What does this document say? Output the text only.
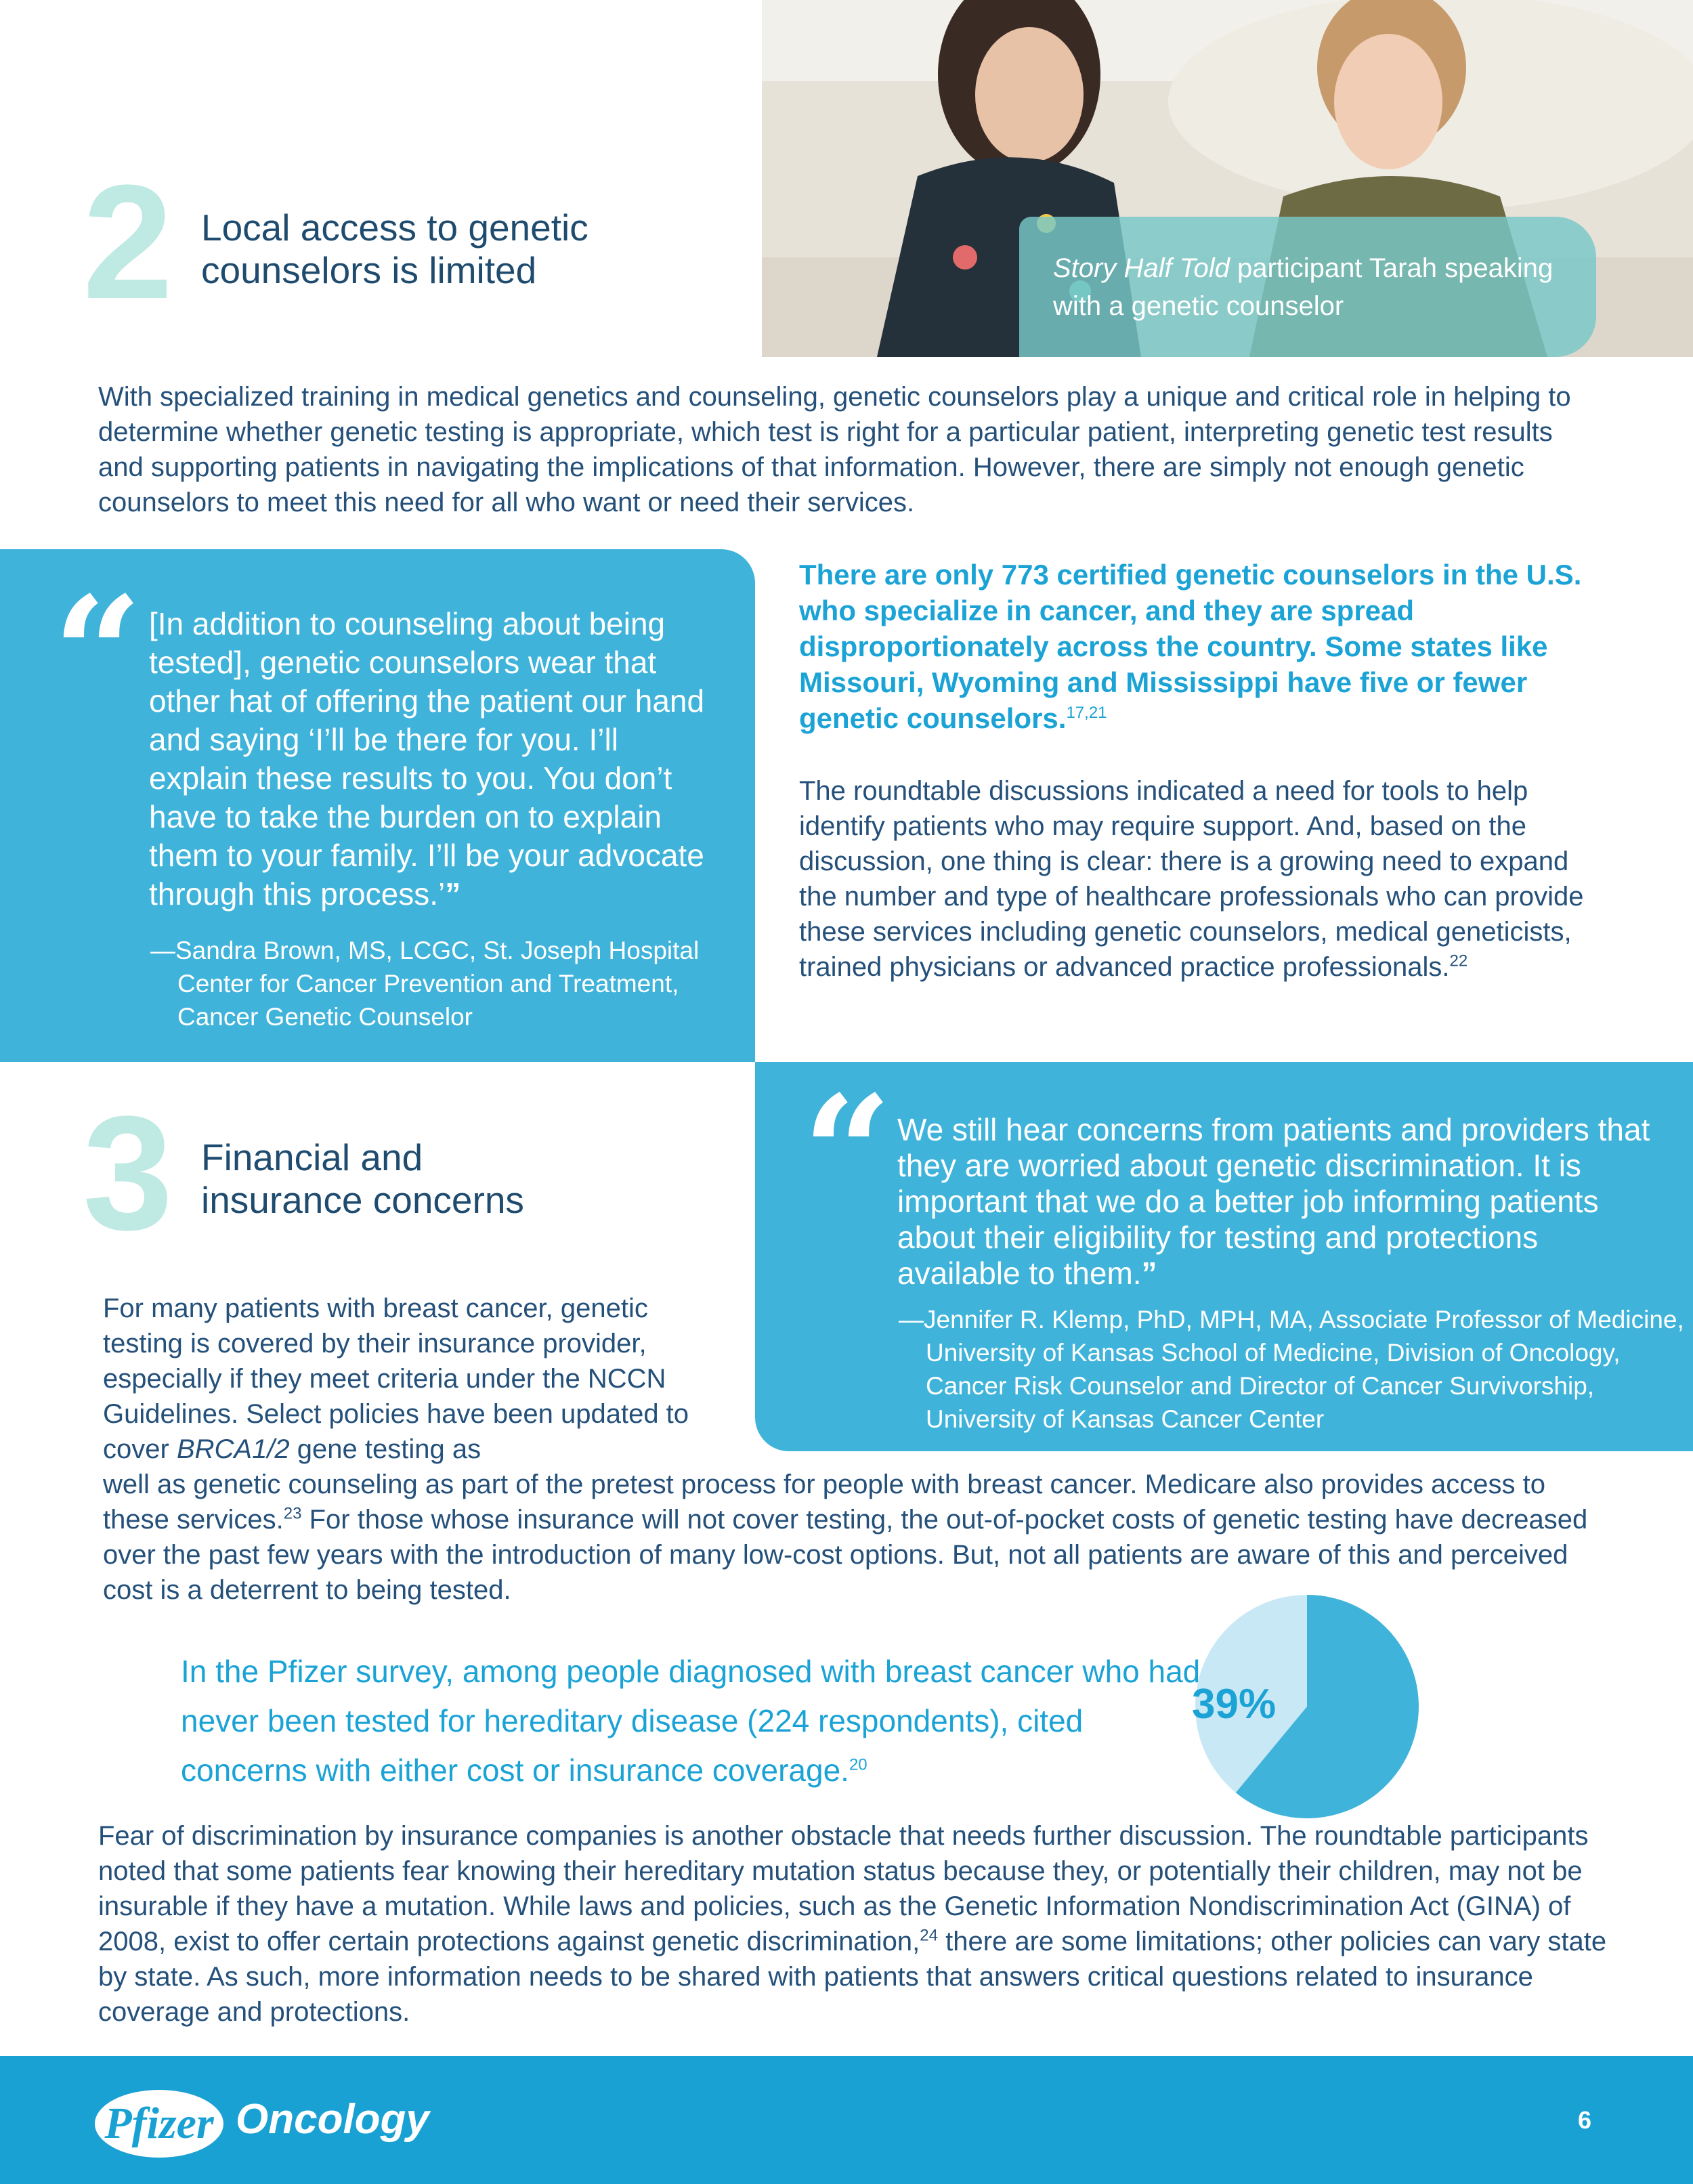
Story Half Told participant Tarah speaking with a genetic counselor
2 Local access to genetic
counselors is limited
With specialized training in medical genetics and counseling, genetic counselors play a unique and critical role in helping to determine whether genetic testing is appropriate, which test is right for a particular patient, interpreting genetic test results and supporting patients in navigating the implications of that information. However, there are simply not enough genetic counselors to meet this need for all who want or need their services.
“ [In addition to counseling about being tested], genetic counselors wear that other hat of offering the patient our hand and saying ‘I’ll be there for you. I’ll explain these results to you. You don’t have to take the burden on to explain them to your family. I’ll be your advocate through this process.’”
—Sandra Brown, MS, LCGC, St. Joseph Hospital Center for Cancer Prevention and Treatment, Cancer Genetic Counselor
There are only 773 certified genetic counselors in the U.S. who specialize in cancer, and they are spread disproportionately across the country. Some states like Missouri, Wyoming and Mississippi have five or fewer genetic counselors.$^{17,21}$
The roundtable discussions indicated a need for tools to help identify patients who may require support. And, based on the discussion, one thing is clear: there is a growing need to expand the number and type of healthcare professionals who can provide these services including genetic counselors, medical geneticists, trained physicians or advanced practice professionals.$^{22}$
3 Financial and
insurance concerns	“ We still hear concerns from patients and providers that they are worried about genetic discrimination. It is important that we do a better job informing patients about their eligibility for testing and protections available to them.”
—Jennifer R. Klemp, PhD, MPH, MA, Associate Professor of Medicine, University of Kansas School of Medicine, Division of Oncology, Cancer Risk Counselor and Director of Cancer Survivorship, University of Kansas Cancer Center
For many patients with breast cancer, genetic testing is covered by their insurance provider, especially if they meet criteria under the NCCN Guidelines. Select policies have been updated to cover BRCA1/2 gene testing as
well as genetic counseling as part of the pretest process for people with breast cancer. Medicare also provides access to these services.$^{23}$ For those whose insurance will not cover testing, the out-of-pocket costs of genetic testing have decreased over the past few years with the introduction of many low-cost options. But, not all patients are aware of this and perceived cost is a deterrent to being tested.
In the Pfizer survey, among people diagnosed with breast cancer who had never been tested for hereditary disease (224 respondents), cited concerns with either cost or insurance coverage.$^{20}$
39%
Fear of discrimination by insurance companies is another obstacle that needs further discussion. The roundtable participants noted that some patients fear knowing their hereditary mutation status because they, or potentially their children, may not be insurable if they have a mutation. While laws and policies, such as the Genetic Information Nondiscrimination Act (GINA) of 2008, exist to offer certain protections against genetic discrimination,$^{24}$ there are some limitations; other policies can vary state by state. As such, more information needs to be shared with patients that answers critical questions related to insurance coverage and protections.
Pfizer Oncology	6
